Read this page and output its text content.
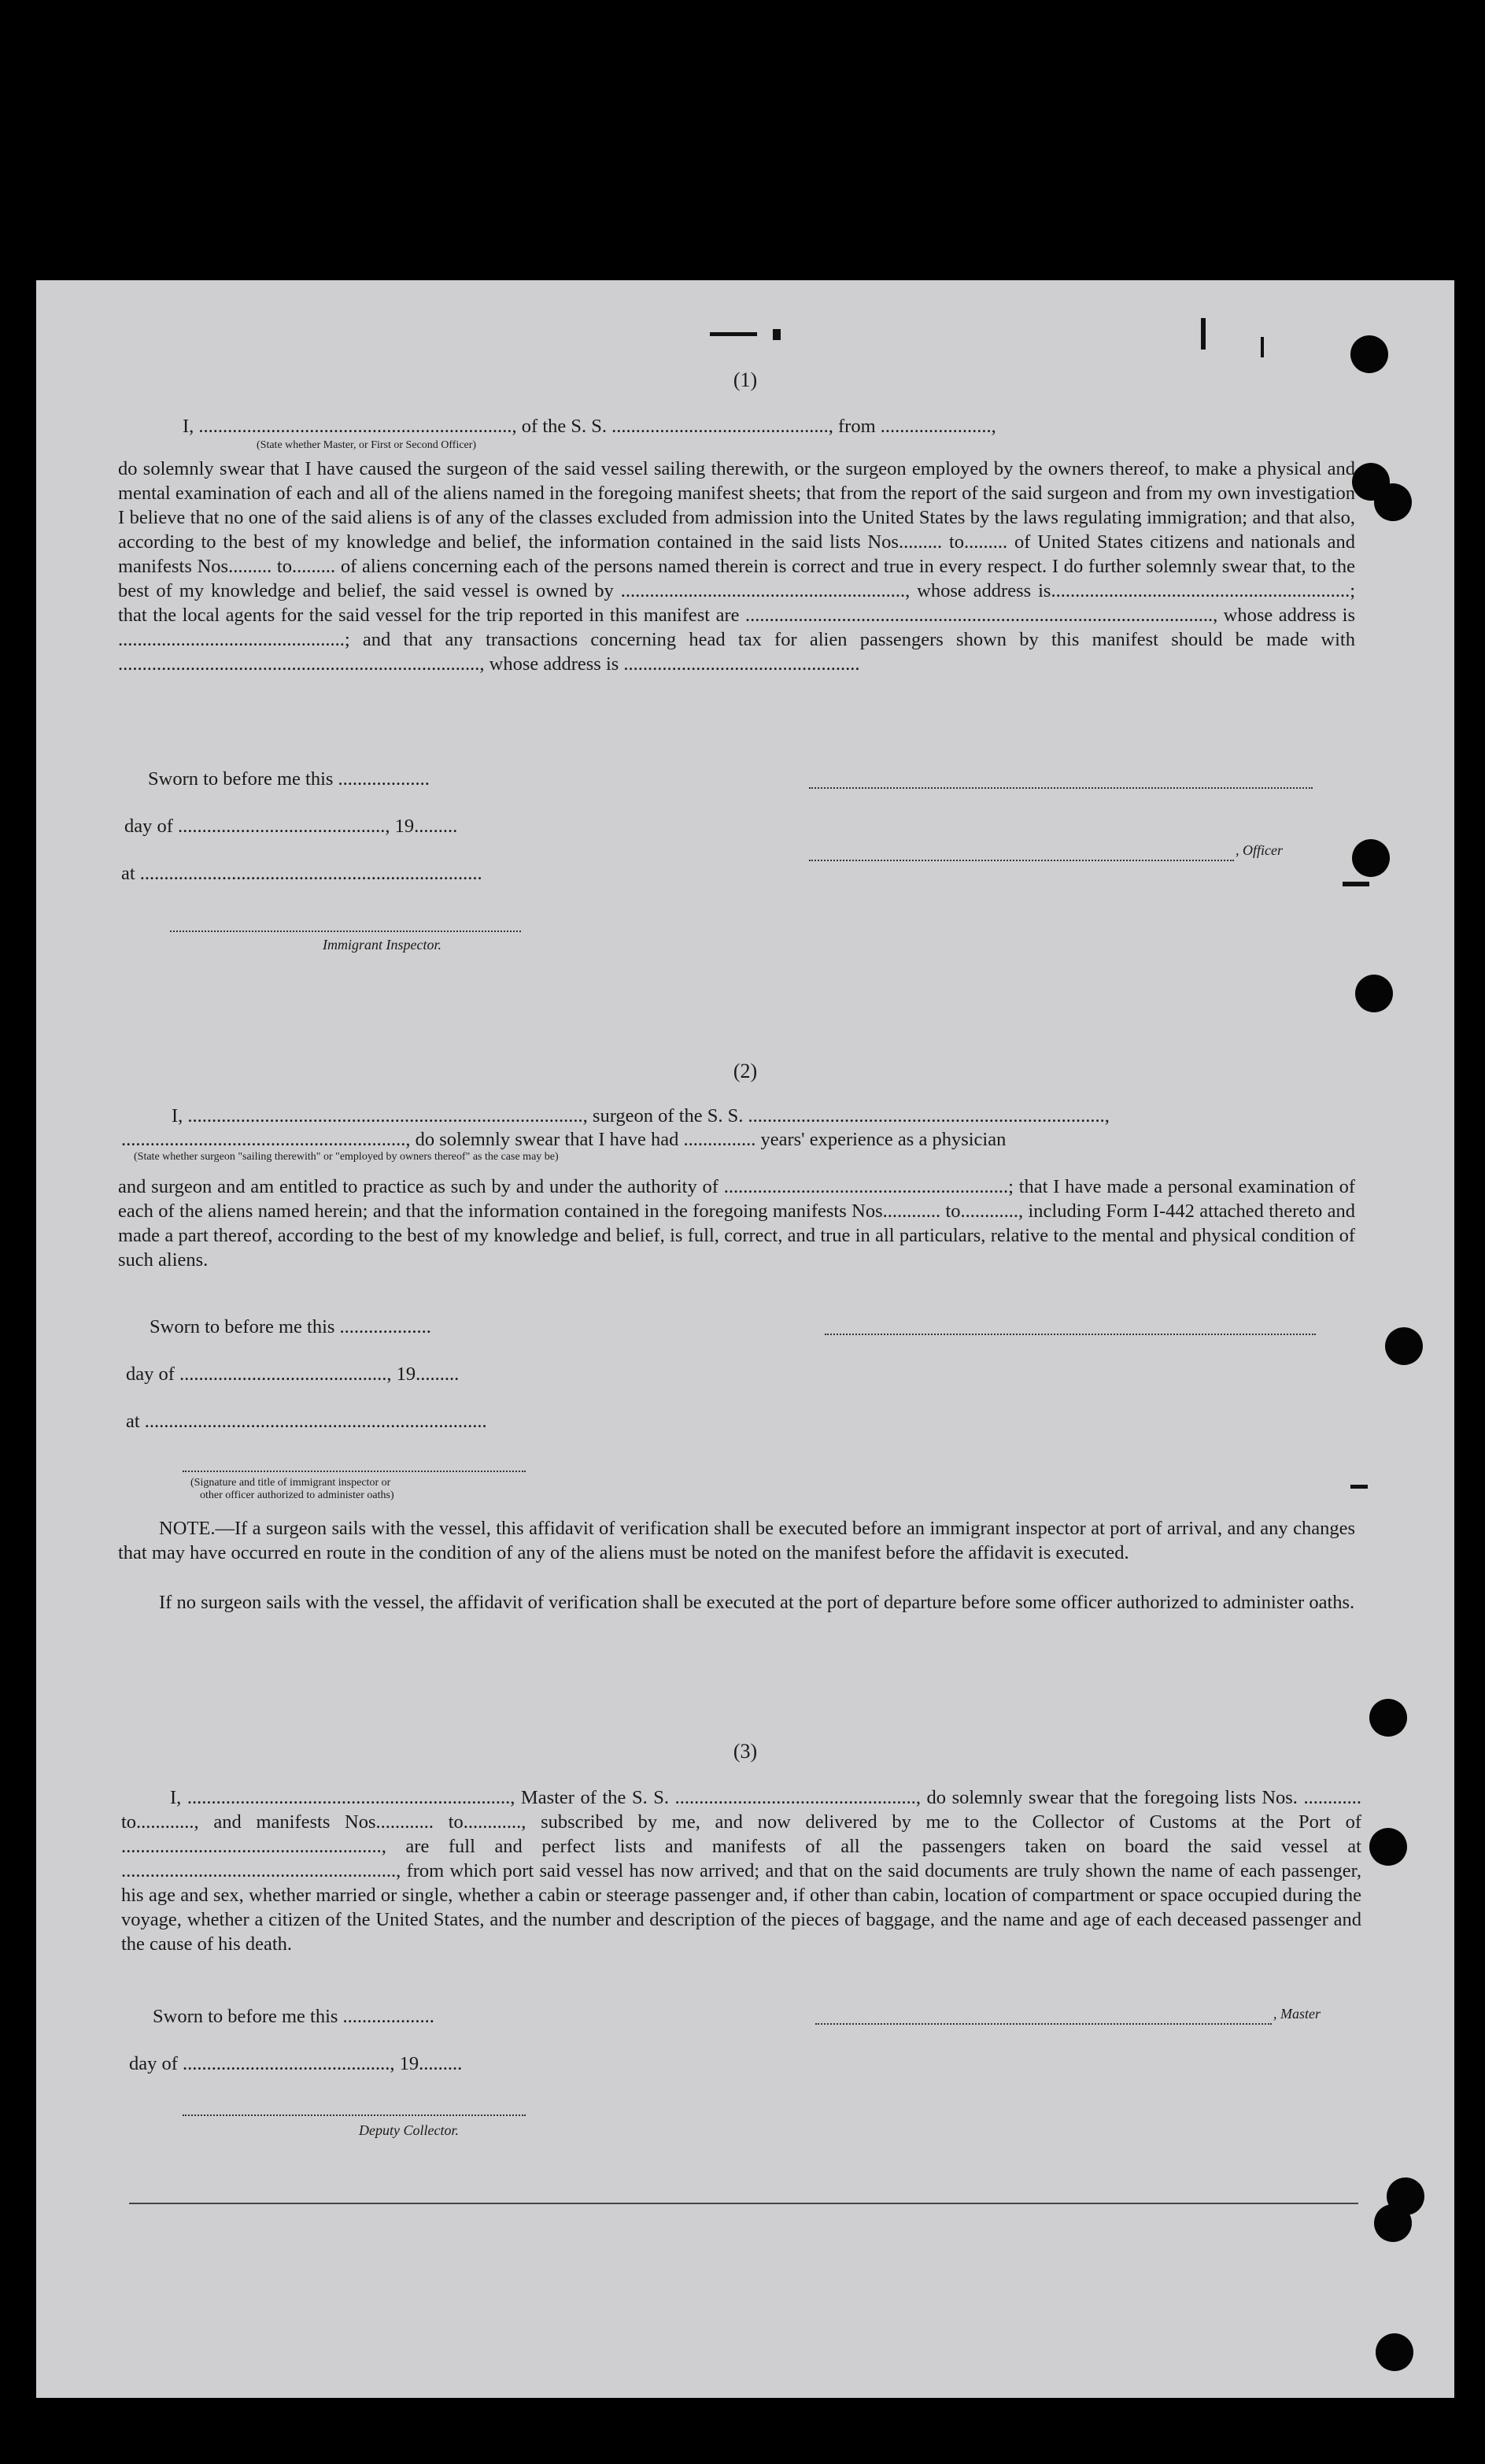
(1)
I, ................................................................., of the S. S. ............................................., from .......................,
(State whether Master, or First or Second Officer)

do solemnly swear that I have caused the surgeon of the said vessel sailing therewith, or the surgeon employed by the owners thereof, to make a physical and mental examination of each and all of the aliens named in the foregoing manifest sheets; that from the report of the said surgeon and from my own investigation I believe that no one of the said aliens is of any of the classes excluded from admission into the United States by the laws regulating immigration; and that also, according to the best of my knowledge and belief, the information contained in the said lists Nos......... to......... of United States citizens and nationals and manifests Nos......... to......... of aliens concerning each of the persons named therein is correct and true in every respect. I do further solemnly swear that, to the best of my knowledge and belief, the said vessel is owned by ..........................................................., whose address is..............................................................; that the local agents for the said vessel for the trip reported in this manifest are ................................................................................................., whose address is ...............................................; and that any transactions concerning head tax for alien passengers shown by this manifest should be made with ..........................................................................., whose address is .................................................

Sworn to before me this ...................
day of ..........................................., 19.........
at .......................................................................
, Officer
Immigrant Inspector.
(2)
I, .................................................................................., surgeon of the S. S. ..........................................................................,
..........................................................., do solemnly swear that I have had ............... years' experience as a physician
(State whether surgeon "sailing therewith" or "employed by owners thereof" as the case may be)

and surgeon and am entitled to practice as such by and under the authority of ...........................................................; that I have made a personal examination of each of the aliens named herein; and that the information contained in the foregoing manifests Nos............ to............, including Form I-442 attached thereto and made a part thereof, according to the best of my knowledge and belief, is full, correct, and true in all particulars, relative to the mental and physical condition of such aliens.

Sworn to before me this ...................
day of ..........................................., 19.........
at .......................................................................
(Signature and title of immigrant inspector or
other officer authorized to administer oaths)

NOTE.—If a surgeon sails with the vessel, this affidavit of verification shall be executed before an immigrant inspector at port of arrival, and any changes that may have occurred en route in the condition of any of the aliens must be noted on the manifest before the affidavit is executed.

If no surgeon sails with the vessel, the affidavit of verification shall be executed at the port of departure before some officer authorized to administer oaths.

(3)

I, ..................................................................., Master of the S. S. .................................................., do solemnly swear that the foregoing lists Nos. ............ to............, and manifests Nos............ to............, subscribed by me, and now delivered by me to the Collector of Customs at the Port of ......................................................, are full and perfect lists and manifests of all the passengers taken on board the said vessel at ........................................................., from which port said vessel has now arrived; and that on the said documents are truly shown the name of each passenger, his age and sex, whether married or single, whether a cabin or steerage passenger and, if other than cabin, location of compartment or space occupied during the voyage, whether a citizen of the United States, and the number and description of the pieces of baggage, and the name and age of each deceased passenger and the cause of his death.

Sworn to before me this ...................	, Master
day of ..........................................., 19.........
Deputy Collector.
